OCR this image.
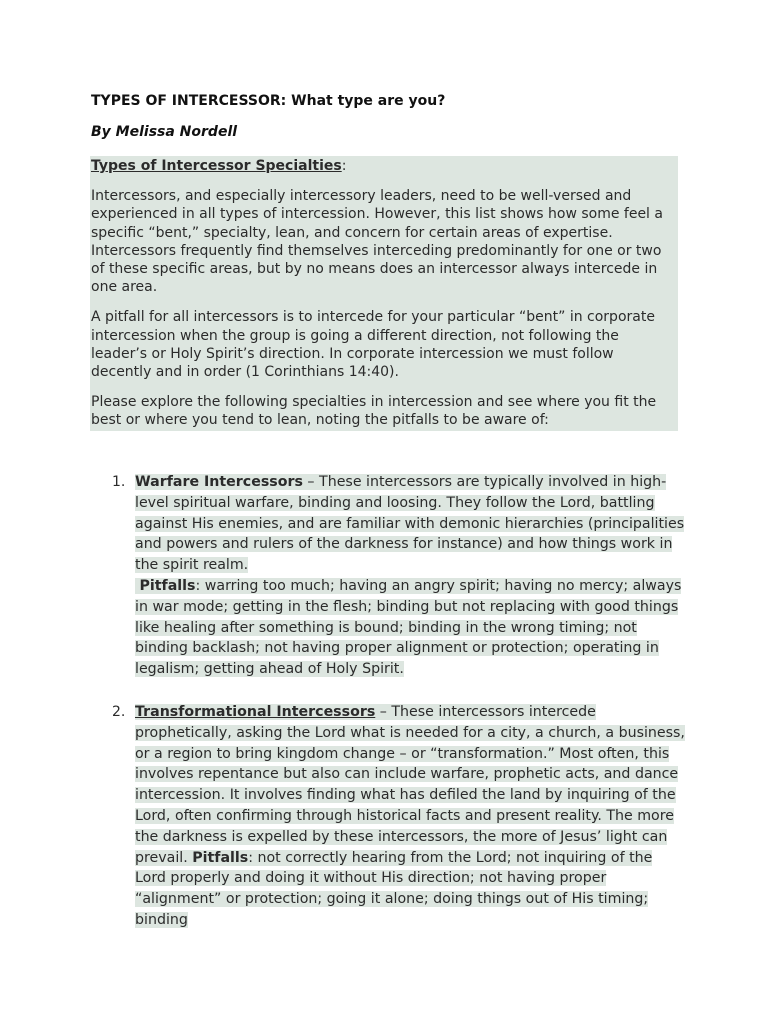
TYPES OF INTERCESSOR: What type are you?

By Melissa Nordell

Types of Intercessor Specialties:

Intercessors, and especially intercessory leaders, need to be well-versed and experienced in all types of intercession. However, this list shows how some feel a specific “bent,” specialty, lean, and concern for certain areas of expertise. Intercessors frequently find themselves interceding predominantly for one or two of these specific areas, but by no means does an intercessor always intercede in one area.

A pitfall for all intercessors is to intercede for your particular “bent” in corporate intercession when the group is going a different direction, not following the leader’s or Holy Spirit’s direction. In corporate intercession we must follow decently and in order (1 Corinthians 14:40).

Please explore the following specialties in intercession and see where you fit the best or where you tend to lean, noting the pitfalls to be aware of:

1. Warfare Intercessors – These intercessors are typically involved in high-level spiritual warfare, binding and loosing. They follow the Lord, battling against His enemies, and are familiar with demonic hierarchies (principalities and powers and rulers of the darkness for instance) and how things work in the spirit realm.
Pitfalls: warring too much; having an angry spirit; having no mercy; always in war mode; getting in the flesh; binding but not replacing with good things like healing after something is bound; binding in the wrong timing; not binding backlash; not having proper alignment or protection; operating in legalism; getting ahead of Holy Spirit.

2. Transformational Intercessors – These intercessors intercede prophetically, asking the Lord what is needed for a city, a church, a business, or a region to bring kingdom change – or “transformation.” Most often, this involves repentance but also can include warfare, prophetic acts, and dance intercession. It involves finding what has defiled the land by inquiring of the Lord, often confirming through historical facts and present reality. The more the darkness is expelled by these intercessors, the more of Jesus’ light can prevail. Pitfalls: not correctly hearing from the Lord; not inquiring of the Lord properly and doing it without His direction; not having proper “alignment” or protection; going it alone; doing things out of His timing; binding
